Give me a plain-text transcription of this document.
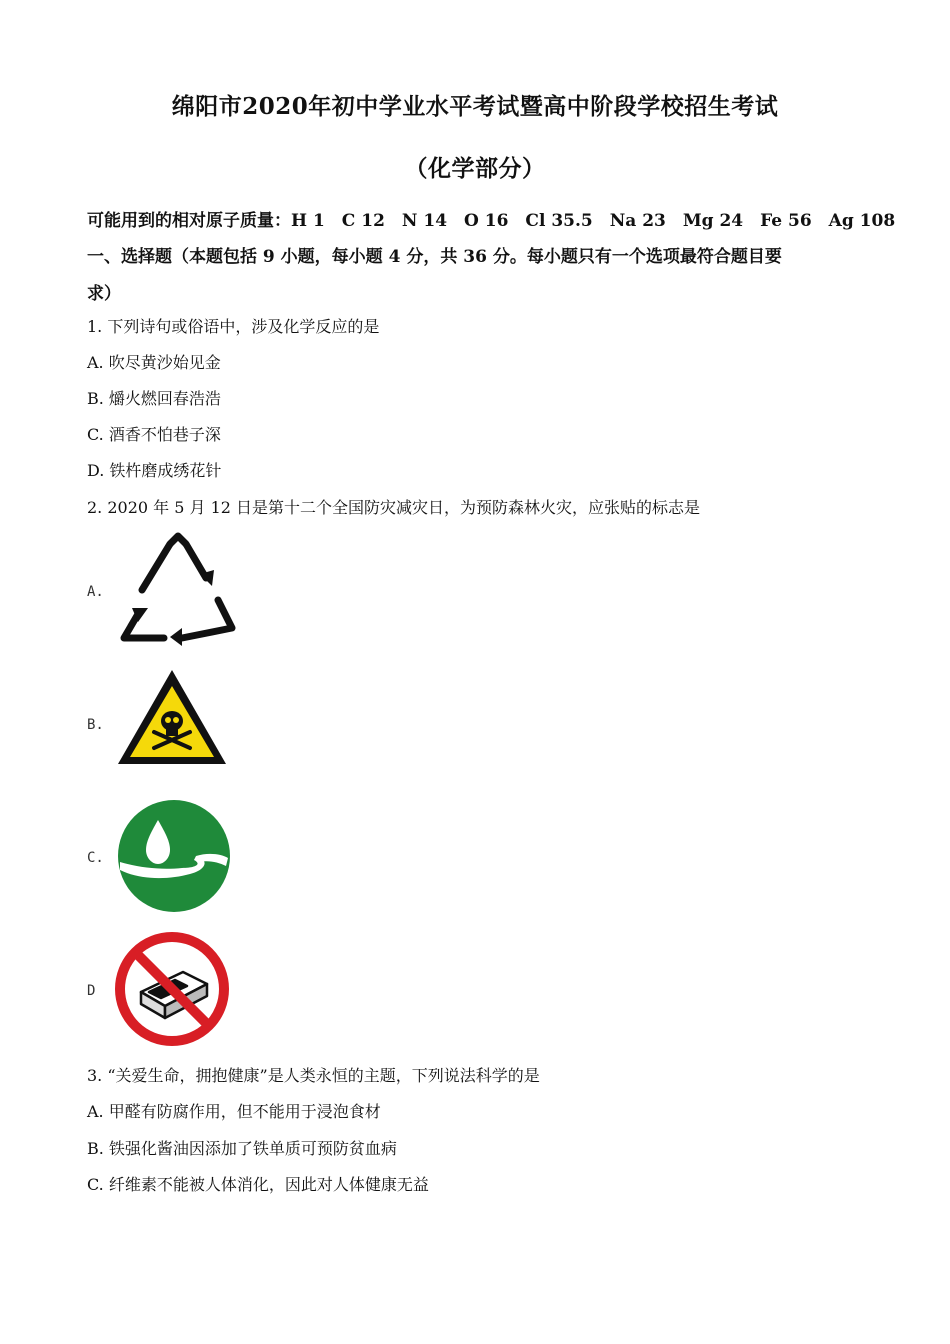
绵阳市2020年初中学业水平考试暨高中阶段学校招生考试
（化学部分）
可能用到的相对原子质量：H 1　C 12　N 14　O 16　Cl 35.5　Na 23　Mg 24　Fe 56　Ag 108
一、选择题（本题包括 9 小题，每小题 4 分，共 36 分。每小题只有一个选项最符合题目要
求）
1. 下列诗句或俗语中，涉及化学反应的是
A. 吹尽黄沙始见金
B. 爝火燃回春浩浩
C. 酒香不怕巷子深
D. 铁杵磨成绣花针
2. 2020 年 5 月 12 日是第十二个全国防灾减灾日，为预防森林火灾，应张贴的标志是
A.
B.
C.
D
3. “关爱生命，拥抱健康”是人类永恒的主题，下列说法科学的是
A. 甲醛有防腐作用，但不能用于浸泡食材
B. 铁强化酱油因添加了铁单质可预防贫血病
C. 纤维素不能被人体消化，因此对人体健康无益
